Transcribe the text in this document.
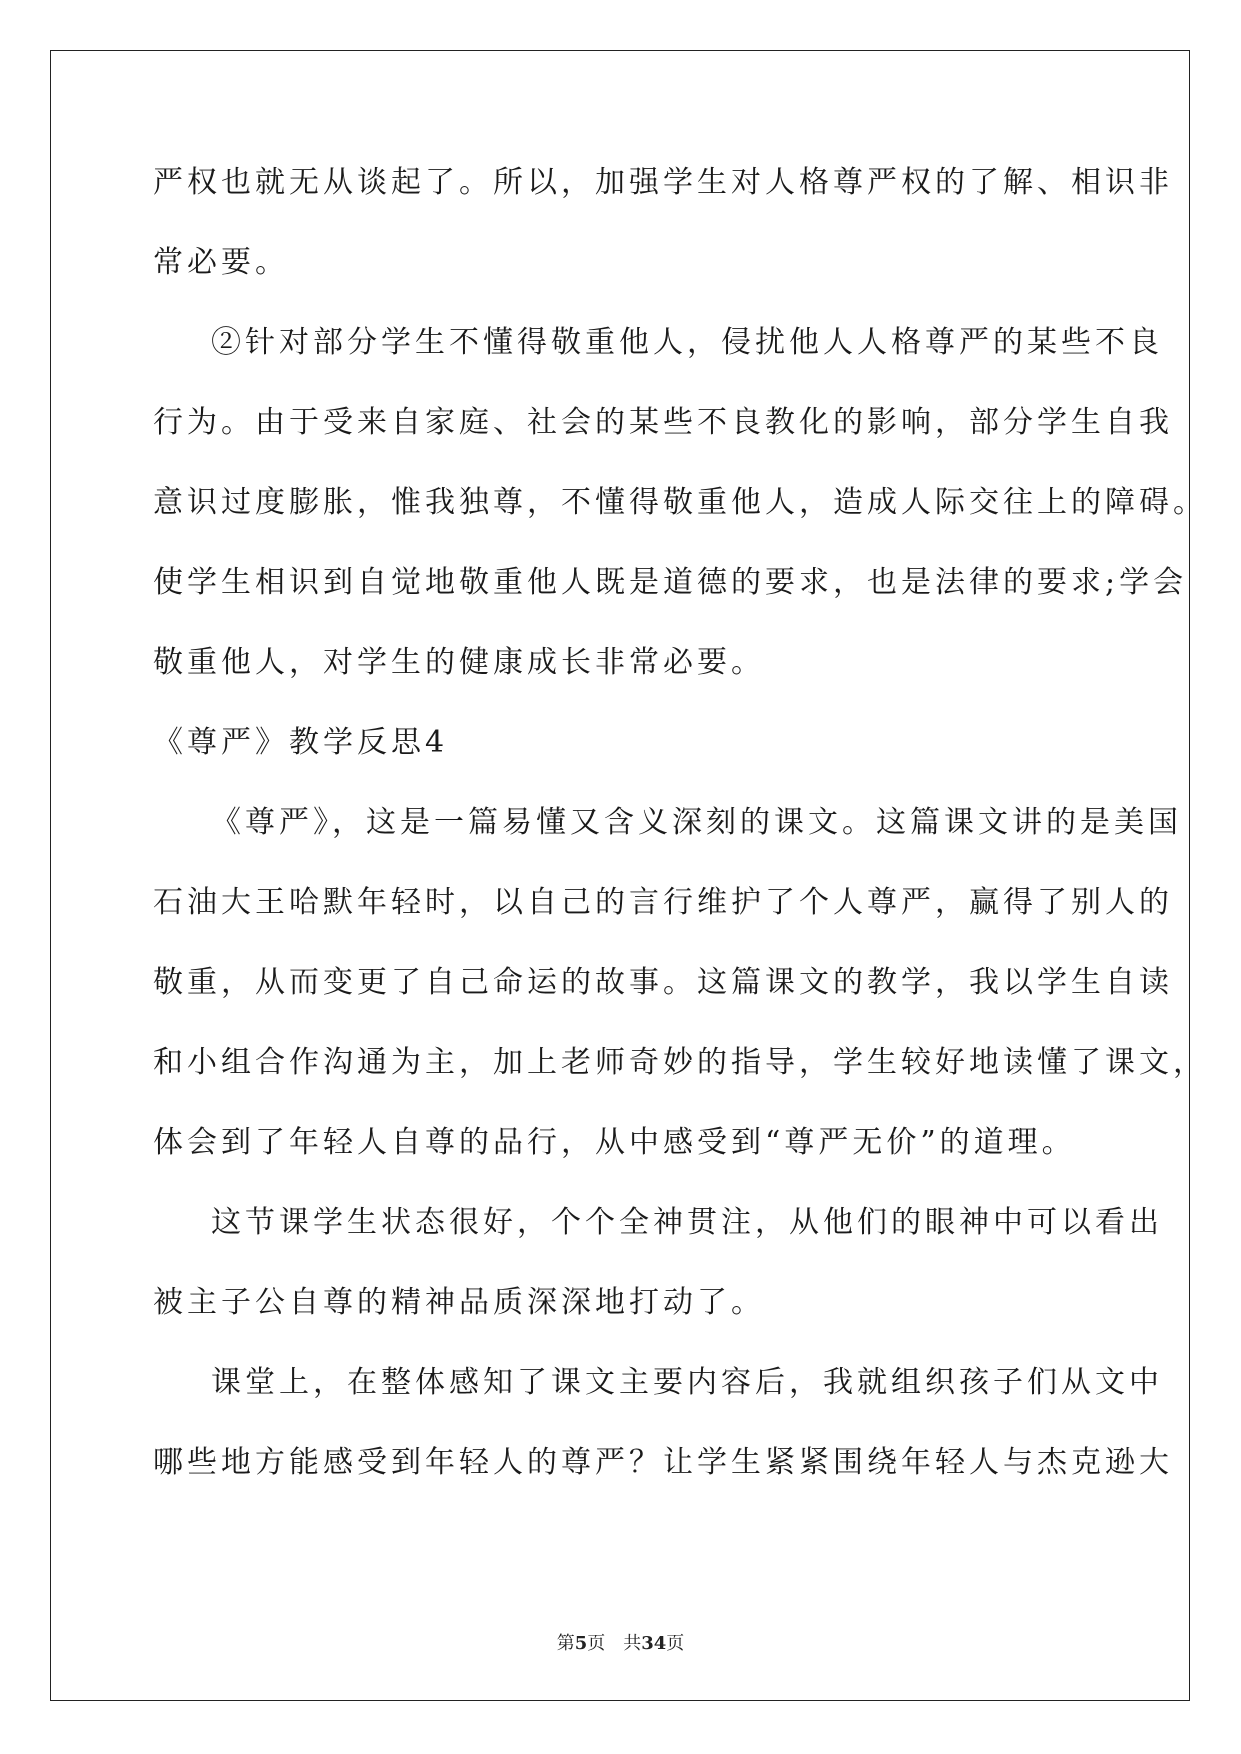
严权也就无从谈起了。所以，加强学生对人格尊严权的了解、相识非
常必要。
②针对部分学生不懂得敬重他人，侵扰他人人格尊严的某些不良
行为。由于受来自家庭、社会的某些不良教化的影响，部分学生自我
意识过度膨胀，惟我独尊，不懂得敬重他人，造成人际交往上的障碍。
使学生相识到自觉地敬重他人既是道德的要求，也是法律的要求;学会
敬重他人，对学生的健康成长非常必要。
《尊严》教学反思4
《尊严》，这是一篇易懂又含义深刻的课文。这篇课文讲的是美国
石油大王哈默年轻时，以自己的言行维护了个人尊严，赢得了别人的
敬重，从而变更了自己命运的故事。这篇课文的教学，我以学生自读
和小组合作沟通为主，加上老师奇妙的指导，学生较好地读懂了课文，
体会到了年轻人自尊的品行，从中感受到“尊严无价”的道理。
这节课学生状态很好，个个全神贯注，从他们的眼神中可以看出
被主子公自尊的精神品质深深地打动了。
课堂上，在整体感知了课文主要内容后，我就组织孩子们从文中
哪些地方能感受到年轻人的尊严？让学生紧紧围绕年轻人与杰克逊大
第5页 共34页
